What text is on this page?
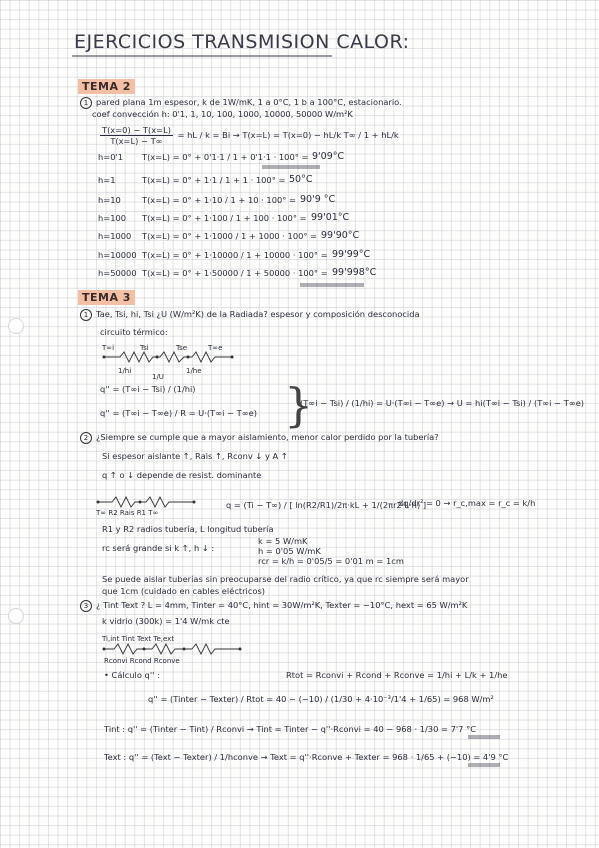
EJERCICIOS TRANSMISION CALOR:
TEMA 2
1 pared plana 1m espesor, k de 1W/mK, 1 a 0°C, 1 b a 100°C, estacionario.
coef convección h: 0'1, 1, 10, 100, 1000, 10000, 50000 W/m²K
$\frac{T(x=0) - T(x=L)}{T(x=L) - T\infty}$ = hL / k = Bi → T(x=L) = T(x=0) − hL/k T∞ / 1 + hL/k
h=0'1 T(x=L) = 0° + 0'1·1 / 1 + 0'1·1 · 100° = 9'09°C
h=1	T(x=L) = 0° + 1·1 / 1 + 1 · 100° = 50°C
h=10	T(x=L) = 0° + 1·10 / 1 + 10 · 100° = 90'9 °C
h=100 T(x=L) = 0° + 1·100 / 1 + 100 · 100° = 99'01°C
h=1000 T(x=L) = 0° + 1·1000 / 1 + 1000 · 100° = 99'90°C
h=10000 T(x=L) = 0° + 1·10000 / 1 + 10000 · 100° = 99'99°C
h=50000 T(x=L) = 0° + 1·50000 / 1 + 50000 · 100° = 99'998°C
TEMA 3
1 Tae, Tsi, hi, Tsi ¿U (W/m²K) de la Radiada? espesor y composición desconocida
circuito térmico:
T∞i	Tsi	Tse	T∞e
1/hi
1/U
1/he
q'' = (T∞i − Tsi) / (1/hi)
q'' = (T∞i − T∞e) / R = U·(T∞i − T∞e) }
(T∞i − Tsi) / (1/hi) = U·(T∞i − T∞e) → U = hi(T∞i − Tsi) / (T∞i − T∞e)
2 ¿Siempre se cumple que a mayor aislamiento, menor calor perdido por la tubería?
Si espesor aislante ↑, Rais ↑, Rconv ↓ y A ↑
q ↑ o ↓ depende de resist. dominante
T∞ R2 Rais R1 T∞
q = (Ti − T∞) / [ ln(R2/R1)/2π·kL + 1/(2πr2·L·h) ]
dq/dr² = 0 → r_c,max = r_c = k/h
R1 y R2 radios tubería, L longitud tubería
rc será grande si k ↑, h ↓ :
k = 5 W/mK
h = 0'05 W/mK
rcr = k/h = 0'05/5 = 0'01 m = 1cm
Se puede aislar tuberías sin preocuparse del radio crítico, ya que rc siempre será mayor
que 1cm (cuidado en cables eléctricos)
3 ¿ Tint Text ? L = 4mm, Tinter = 40°C, hint = 30W/m²K, Texter = −10°C, hext = 65 W/m²K
k vidrio (300k) = 1'4 W/mk cte
Ti,int Tint Text Te,ext
Rconvi Rcond Rconve
• Cálculo q'' :	Rtot = Rconvi + Rcond + Rconve = 1/hi + L/k + 1/he
q'' = (Tinter − Texter) / Rtot = 40 − (−10) / (1/30 + 4·10⁻³/1'4 + 1/65) = 968 W/m²
Tint : q'' = (Tinter − Tint) / Rconvi → Tint = Tinter − q''·Rconvi = 40 − 968 · 1/30 = 7'7 °C
Text : q'' = (Text − Texter) / 1/hconve → Text = q''·Rconve + Texter = 968 · 1/65 + (−10) = 4'9 °C
